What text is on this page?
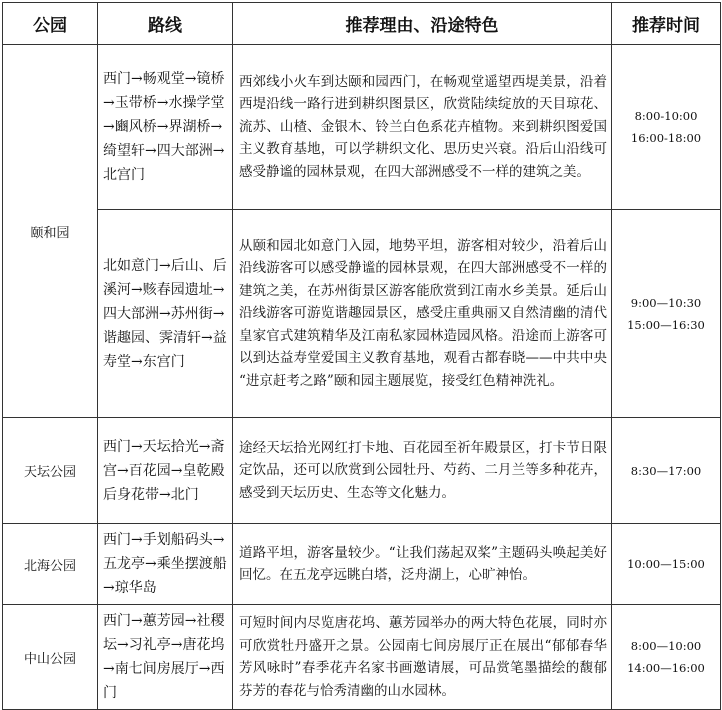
公园	路线	推荐理由、沿途特色	推荐时间
颐和园	西门→畅观堂→镜桥→玉带桥→水操学堂→豳风桥→界湖桥→绮望轩→四大部洲→北宫门	西郊线小火车到达颐和园西门，在畅观堂遥望西堤美景，沿着西堤沿线一路行进到耕织图景区，欣赏陆续绽放的天目琼花、流苏、山楂、金银木、铃兰白色系花卉植物。来到耕织图爱国主义教育基地，可以学耕织文化、思历史兴衰。沿后山沿线可感受静谧的园林景观，在四大部洲感受不一样的建筑之美。	8:00-10:00
16:00-18:00

	北如意门→后山、后溪河→赅春园遗址→四大部洲→苏州街→谐趣园、霁清轩→益寿堂→东宫门	从颐和园北如意门入园，地势平坦，游客相对较少，沿着后山沿线游客可以感受静谧的园林景观，在四大部洲感受不一样的建筑之美，在苏州街景区游客能欣赏到江南水乡美景。延后山沿线游客可游览谐趣园景区，感受庄重典丽又自然清幽的清代皇家官式建筑精华及江南私家园林造园风格。沿途而上游客可以到达益寿堂爱国主义教育基地，观看古都春晓——中共中央“进京赶考之路”颐和园主题展览，接受红色精神洗礼。	9:00—10:30
15:00—16:30

天坛公园	西门→天坛拾光→斋宫→百花园→皇乾殿后身花带→北门	途经天坛拾光网红打卡地、百花园至祈年殿景区，打卡节日限定饮品，还可以欣赏到公园牡丹、芍药、二月兰等多种花卉，感受到天坛历史、生态等文化魅力。	8:30—17:00

北海公园	西门→手划船码头→五龙亭→乘坐摆渡船→琼华岛	道路平坦，游客量较少。“让我们荡起双桨”主题码头唤起美好回忆。在五龙亭远眺白塔，泛舟湖上，心旷神怡。	10:00—15:00

中山公园	西门→蕙芳园→社稷坛→习礼亭→唐花坞→南七间房展厅→西门	可短时间内尽览唐花坞、蕙芳园举办的两大特色花展，同时亦可欣赏牡丹盛开之景。公园南七间房展厅正在展出“郁郁春华 芳风咏时”春季花卉名家书画邀请展，可品赏笔墨描绘的馥郁芬芳的春花与恰秀清幽的山水园林。	8:00—10:00
14:00—16:00
